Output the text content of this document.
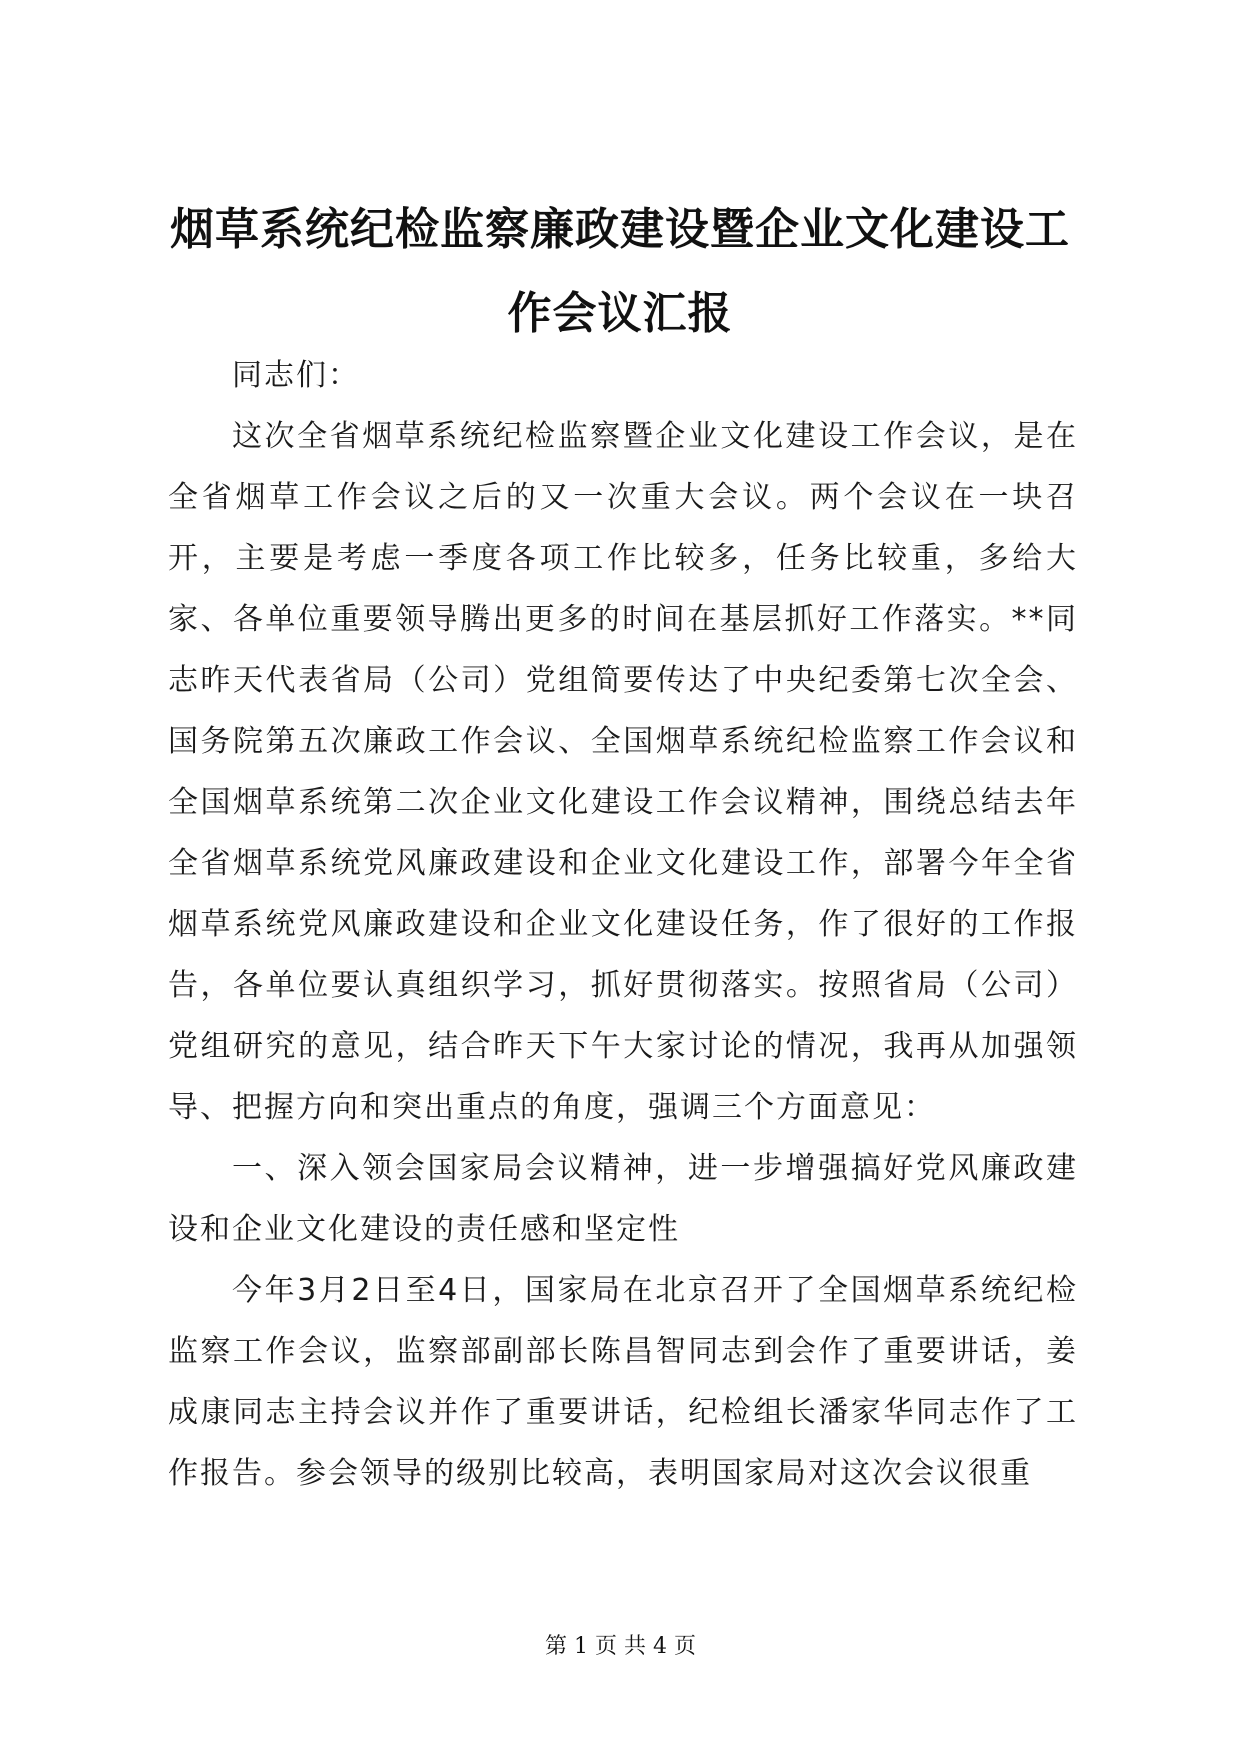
烟草系统纪检监察廉政建设暨企业文化建设工作会议汇报

同志们：

这次全省烟草系统纪检监察暨企业文化建设工作会议，是在全省烟草工作会议之后的又一次重大会议。两个会议在一块召开，主要是考虑一季度各项工作比较多，任务比较重，多给大家、各单位重要领导腾出更多的时间在基层抓好工作落实。**同志昨天代表省局（公司）党组简要传达了中央纪委第七次全会、国务院第五次廉政工作会议、全国烟草系统纪检监察工作会议和全国烟草系统第二次企业文化建设工作会议精神，围绕总结去年全省烟草系统党风廉政建设和企业文化建设工作，部署今年全省烟草系统党风廉政建设和企业文化建设任务，作了很好的工作报告，各单位要认真组织学习，抓好贯彻落实。按照省局（公司）党组研究的意见，结合昨天下午大家讨论的情况，我再从加强领导、把握方向和突出重点的角度，强调三个方面意见：

一、深入领会国家局会议精神，进一步增强搞好党风廉政建设和企业文化建设的责任感和坚定性

今年3月2日至4日，国家局在北京召开了全国烟草系统纪检监察工作会议，监察部副部长陈昌智同志到会作了重要讲话，姜成康同志主持会议并作了重要讲话，纪检组长潘家华同志作了工作报告。参会领导的级别比较高，表明国家局对这次会议很重

第 1 页 共 4 页
